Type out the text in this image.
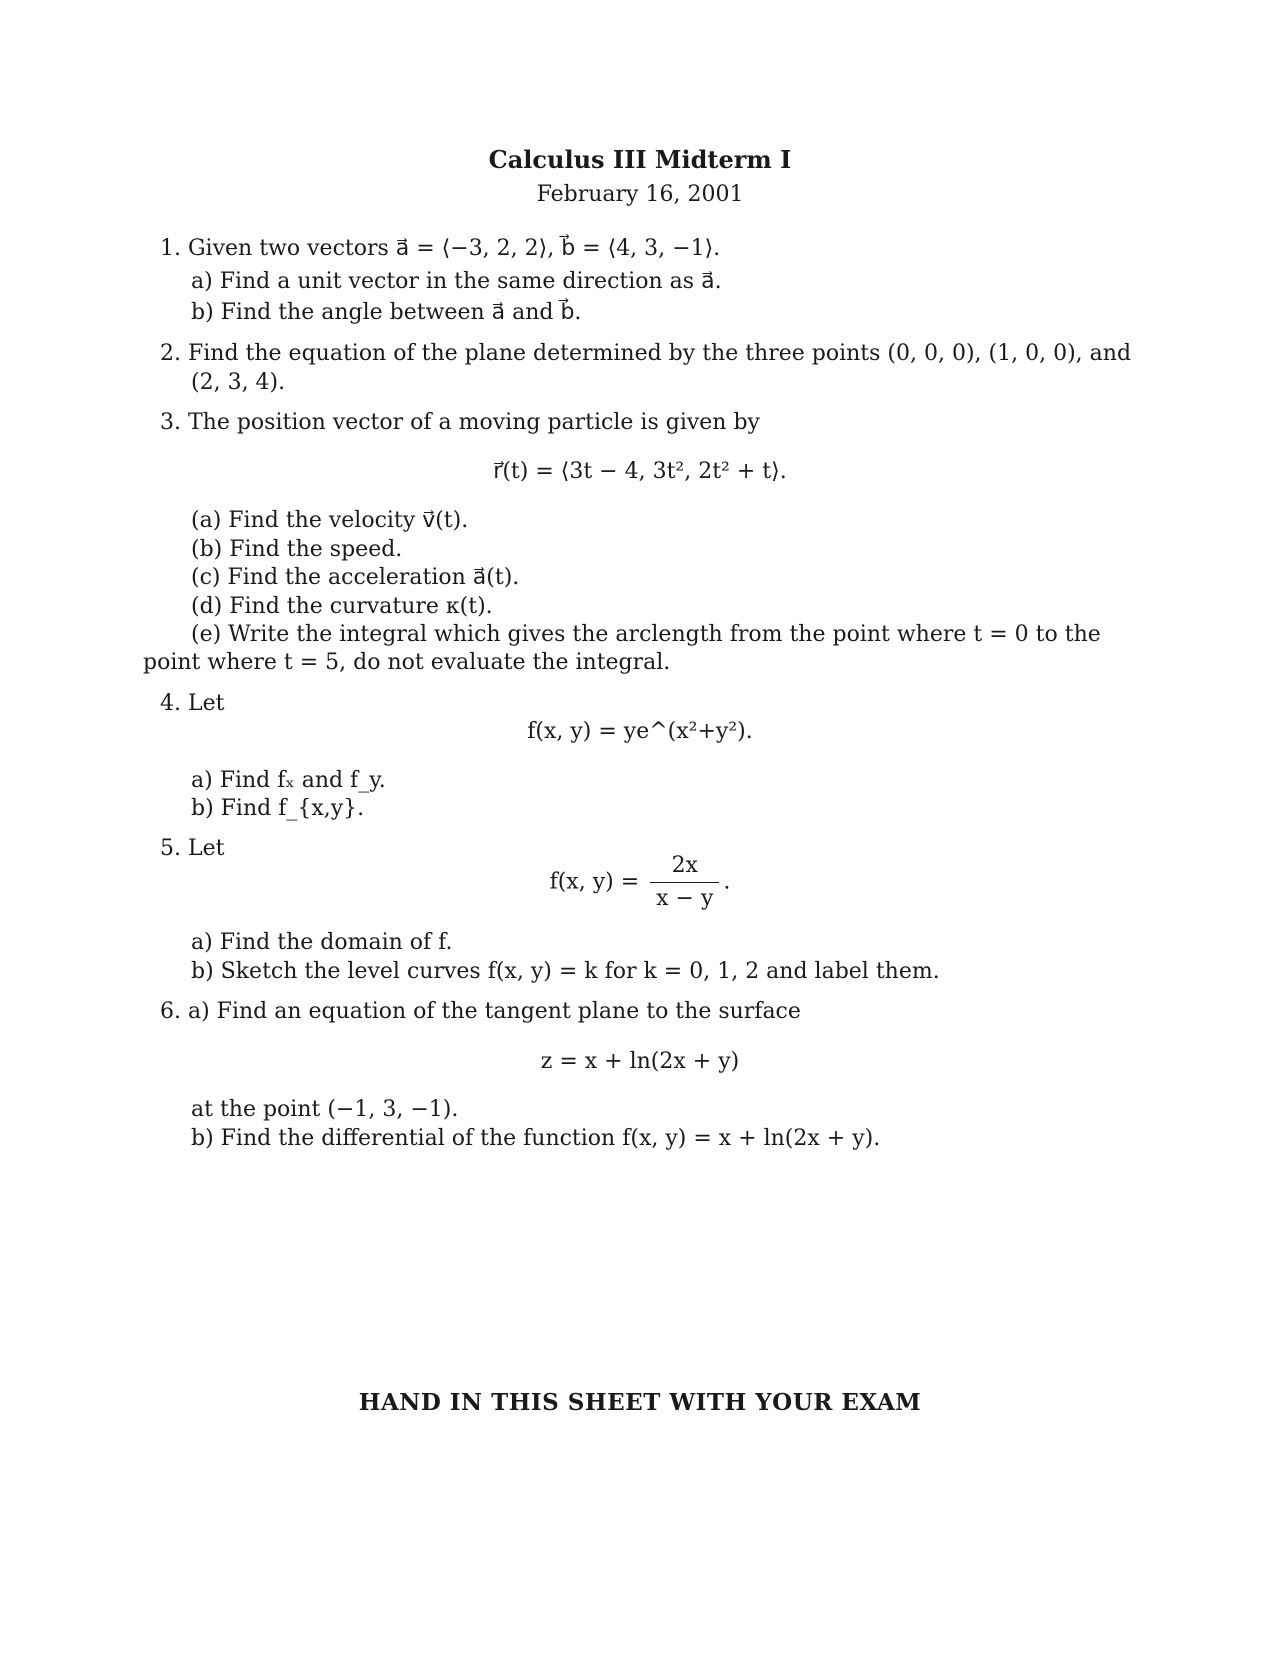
Calculus III Midterm I
February 16, 2001
1. Given two vectors a⃗ = ⟨−3, 2, 2⟩, b⃗ = ⟨4, 3, −1⟩.
a) Find a unit vector in the same direction as a⃗.
b) Find the angle between a⃗ and b⃗.
2. Find the equation of the plane determined by the three points (0, 0, 0), (1, 0, 0), and
(2, 3, 4).
3. The position vector of a moving particle is given by
r⃗(t) = ⟨3t − 4, 3t², 2t² + t⟩.
(a) Find the velocity v⃗(t).
(b) Find the speed.
(c) Find the acceleration a⃗(t).
(d) Find the curvature κ(t).
(e) Write the integral which gives the arclength from the point where t = 0 to the
point where t = 5, do not evaluate the integral.
4. Let
f(x, y) = ye^(x²+y²).
a) Find fₓ and f_y.
b) Find f_{x,y}.
5. Let
f(x, $y) = \frac{2x}{x - y}$ .
a) Find the domain of f.
b) Sketch the level curves f(x, y) = k for k = 0, 1, 2 and label them.
6. a) Find an equation of the tangent plane to the surface
z = x + ln(2x + y)
at the point (−1, 3, −1).
b) Find the differential of the function f(x, y) = x + ln(2x + y).
HAND IN THIS SHEET WITH YOUR EXAM
